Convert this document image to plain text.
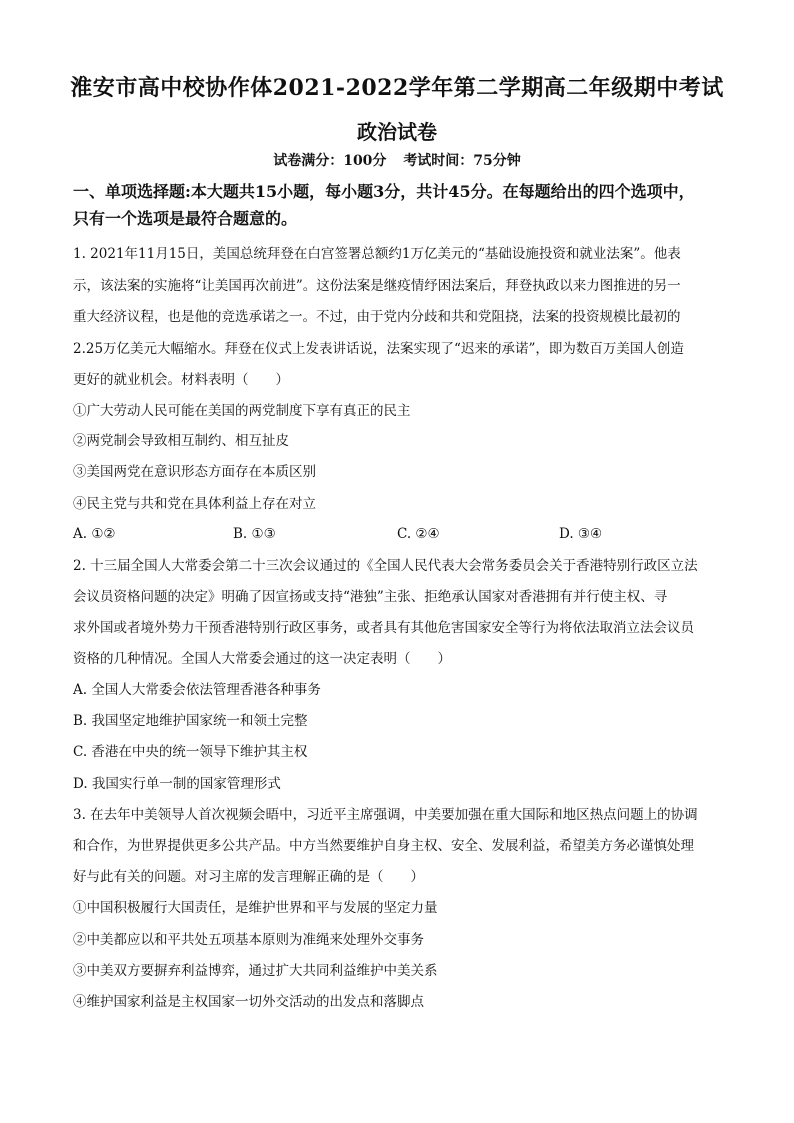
淮安市高中校协作体2021-2022学年第二学期高二年级期中考试
政治试卷
试卷满分：100分 考试时间：75分钟
一、单项选择题:本大题共15小题，每小题3分，共计45分。在每题给出的四个选项中，
只有一个选项是最符合题意的。
1. 2021年11月15日，美国总统拜登在白宫签署总额约1万亿美元的“基础设施投资和就业法案”。他表
示，该法案的实施将“让美国再次前进”。这份法案是继疫情纾困法案后，拜登执政以来力图推进的另一
重大经济议程，也是他的竞选承诺之一。不过，由于党内分歧和共和党阻挠，法案的投资规模比最初的
2.25万亿美元大幅缩水。拜登在仪式上发表讲话说，法案实现了“迟来的承诺”，即为数百万美国人创造
更好的就业机会。材料表明（　　）
①广大劳动人民可能在美国的两党制度下享有真正的民主
②两党制会导致相互制约、相互扯皮
③美国两党在意识形态方面存在本质区别
④民主党与共和党在具体利益上存在对立
A. ①②	B. ①③	C. ②④	D. ③④
2. 十三届全国人大常委会第二十三次会议通过的《全国人民代表大会常务委员会关于香港特别行政区立法
会议员资格问题的决定》明确了因宣扬或支持“港独”主张、拒绝承认国家对香港拥有并行使主权、寻
求外国或者境外势力干预香港特别行政区事务，或者具有其他危害国家安全等行为将依法取消立法会议员
资格的几种情况。全国人大常委会通过的这一决定表明（　　）
A. 全国人大常委会依法管理香港各种事务
B. 我国坚定地维护国家统一和领土完整
C. 香港在中央的统一领导下维护其主权
D. 我国实行单一制的国家管理形式
3. 在去年中美领导人首次视频会晤中，习近平主席强调，中美要加强在重大国际和地区热点问题上的协调
和合作，为世界提供更多公共产品。中方当然要维护自身主权、安全、发展利益，希望美方务必谨慎处理
好与此有关的问题。对习主席的发言理解正确的是（　　）
①中国积极履行大国责任，是维护世界和平与发展的坚定力量
②中美都应以和平共处五项基本原则为准绳来处理外交事务
③中美双方要摒弃利益博弈，通过扩大共同利益维护中美关系
④维护国家利益是主权国家一切外交活动的出发点和落脚点
